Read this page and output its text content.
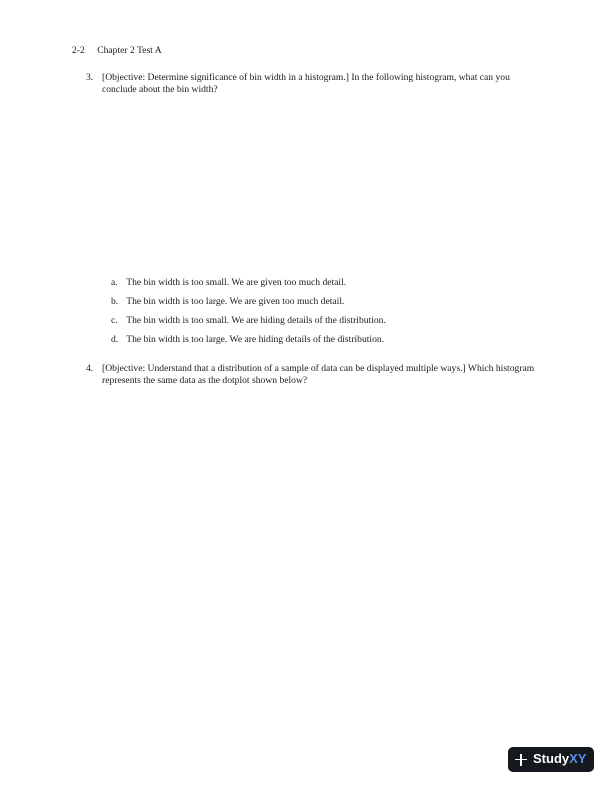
2-2 Chapter 2 Test A
3. [Objective: Determine significance of bin width in a histogram.] In the following histogram, what can you conclude about the bin width?
a. The bin width is too small. We are given too much detail.
b. The bin width is too large. We are given too much detail.
c. The bin width is too small. We are hiding details of the distribution.
d. The bin width is too large. We are hiding details of the distribution.
4. [Objective: Understand that a distribution of a sample of data can be displayed multiple ways.] Which histogram represents the same data as the dotplot shown below?
Study XY
